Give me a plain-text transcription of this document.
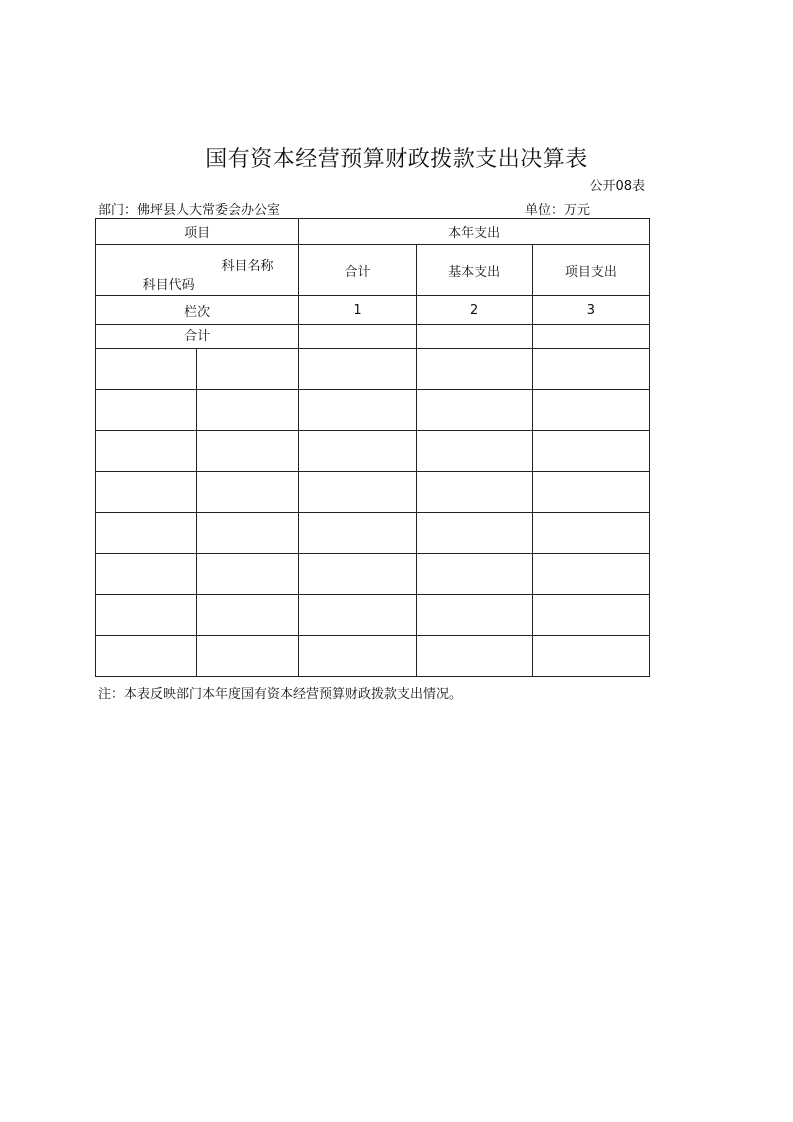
国有资本经营预算财政拨款支出决算表
公开08表
部门：佛坪县人大常委会办公室	单位：万元
项目		本年支出		
科目代码	科目名称	合计	基本支出	项目支出
栏次		1	2	3
合计				

注：本表反映部门本年度国有资本经营预算财政拨款支出情况。
